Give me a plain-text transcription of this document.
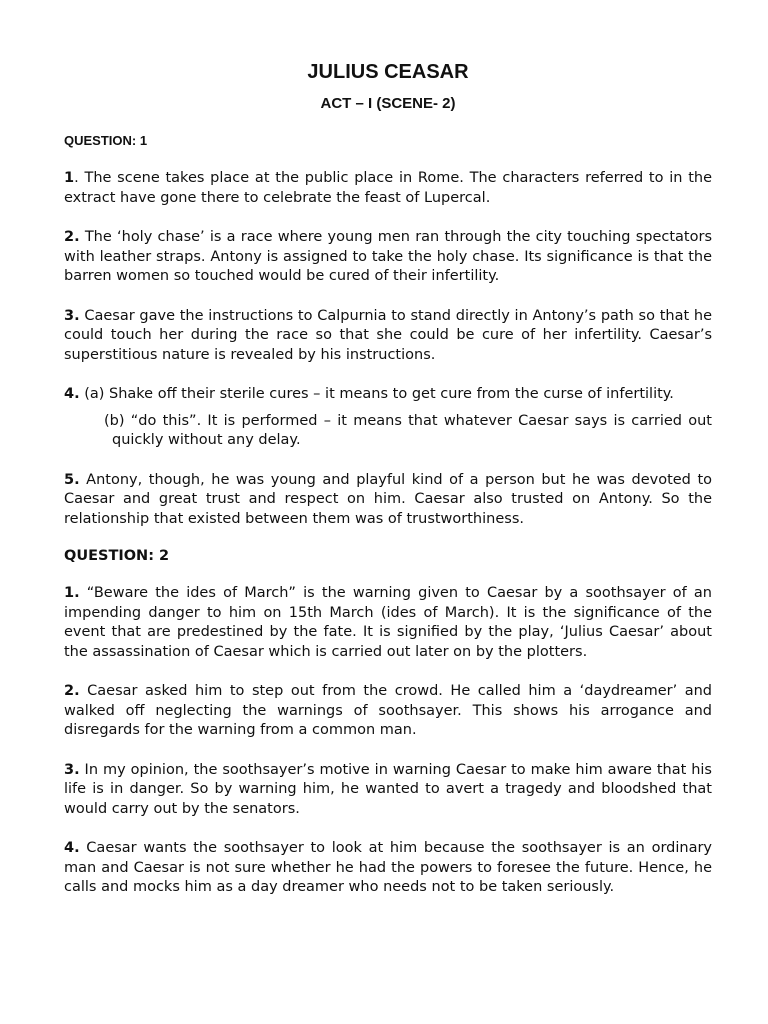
JULIUS CEASAR
ACT – I (SCENE- 2)
QUESTION: 1

1. The scene takes place at the public place in Rome. The characters referred to in the extract have gone there to celebrate the feast of Lupercal.

2. The ‘holy chase’ is a race where young men ran through the city touching spectators with leather straps. Antony is assigned to take the holy chase. Its significance is that the barren women so touched would be cured of their infertility.

3. Caesar gave the instructions to Calpurnia to stand directly in Antony’s path so that he could touch her during the race so that she could be cure of her infertility. Caesar’s superstitious nature is revealed by his instructions.

4. (a) Shake off their sterile cures – it means to get cure from the curse of infertility.

(b) “do this”. It is performed – it means that whatever Caesar says is carried out quickly without any delay.

5. Antony, though, he was young and playful kind of a person but he was devoted to Caesar and great trust and respect on him. Caesar also trusted on Antony. So the relationship that existed between them was of trustworthiness.

QUESTION: 2

1. “Beware the ides of March” is the warning given to Caesar by a soothsayer of an impending danger to him on 15th March (ides of March). It is the significance of the event that are predestined by the fate. It is signified by the play, ‘Julius Caesar’ about the assassination of Caesar which is carried out later on by the plotters.

2. Caesar asked him to step out from the crowd. He called him a ‘daydreamer’ and walked off neglecting the warnings of soothsayer. This shows his arrogance and disregards for the warning from a common man.

3. In my opinion, the soothsayer’s motive in warning Caesar to make him aware that his life is in danger. So by warning him, he wanted to avert a tragedy and bloodshed that would carry out by the senators.

4. Caesar wants the soothsayer to look at him because the soothsayer is an ordinary man and Caesar is not sure whether he had the powers to foresee the future. Hence, he calls and mocks him as a day dreamer who needs not to be taken seriously.
